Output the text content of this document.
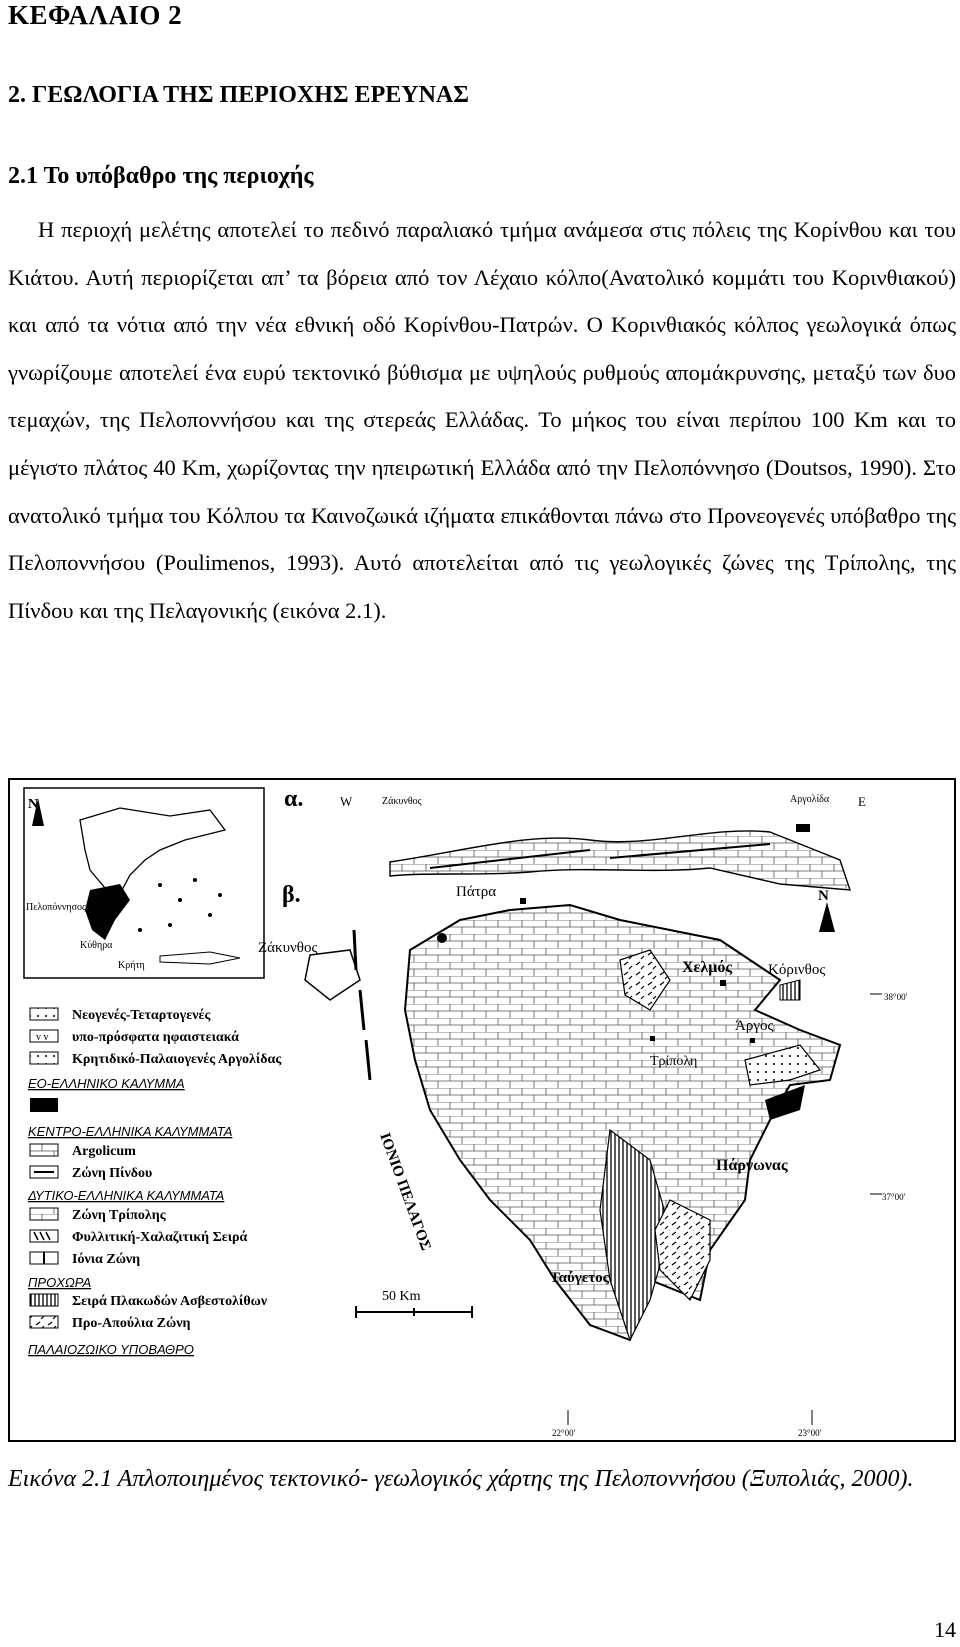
ΚΕΦΑΛΑΙΟ 2
2. ΓΕΩΛΟΓΙΑ ΤΗΣ ΠΕΡΙΟΧΗΣ ΕΡΕΥΝΑΣ
2.1 Το υπόβαθρο της περιοχής
Η περιοχή μελέτης αποτελεί το πεδινό παραλιακό τμήμα ανάμεσα στις πόλεις της Κορίνθου και του Κιάτου. Αυτή περιορίζεται απ’ τα βόρεια από τον Λέχαιο κόλπο(Ανατολικό κομμάτι του Κορινθιακού) και από τα νότια από την νέα εθνική οδό Κορίνθου-Πατρών. Ο Κορινθιακός κόλπος γεωλογικά όπως γνωρίζουμε αποτελεί ένα ευρύ τεκτονικό βύθισμα με υψηλούς ρυθμούς απομάκρυνσης, μεταξύ των δυο τεμαχών, της Πελοποννήσου και της στερεάς Ελλάδας. Το μήκος του είναι περίπου 100 Km και το μέγιστο πλάτος 40 Km, χωρίζοντας την ηπειρωτική Ελλάδα από την Πελοπόννησο (Doutsos, 1990). Στο ανατολικό τμήμα του Κόλπου τα Καινοζωικά ιζήματα επικάθονται πάνω στο Προνεογενές υπόβαθρο της Πελοποννήσου (Poulimenos, 1993). Αυτό αποτελείται από τις γεωλογικές ζώνες της Τρίπολης, της Πίνδου και της Πελαγονικής (εικόνα 2.1).
N
Πελοπόννησος
Κύθηρα
Κρήτη
α.	W	Ζάκυνθος	Αργολίδα E
β.	N
Πάτρα
Ζάκυνθος
Χελμός Κόρινθος
Άργος
Τρίπολη
Πάρνωνας
Ταύγετος
ΙΟΝΙΟ ΠΕΛΑΓΟΣ
38°00'
37°00'
22°00'	23°00'
50 Km
Νεογενές-Τεταρτογενές
v v υπο-πρόσφατα ηφαιστειακά
Κρητιδικό-Παλαιογενές Αργολίδας
ΕΟ-ΕΛΛΗΝΙΚΟ ΚΑΛΥΜΜΑ
ΚΕΝΤΡΟ-ΕΛΛΗΝΙΚΑ ΚΑΛΥΜΜΑΤΑ
Argolicum
Ζώνη Πίνδου
ΔΥΤΙΚΟ-ΕΛΛΗΝΙΚΑ ΚΑΛΥΜΜΑΤΑ
Ζώνη Τρίπολης
Φυλλιτική-Χαλαζιτική Σειρά
Ιόνια Ζώνη
ΠΡΟΧΩΡΑ
Σειρά Πλακωδών Ασβεστολίθων
Προ-Απούλια Ζώνη
ΠΑΛΑΙΟΖΩΙΚΟ ΥΠΟΒΑΘΡΟ
Εικόνα 2.1 Απλοποιημένος τεκτονικό- γεωλογικός χάρτης της Πελοποννήσου (Ξυπολιάς, 2000).
14
